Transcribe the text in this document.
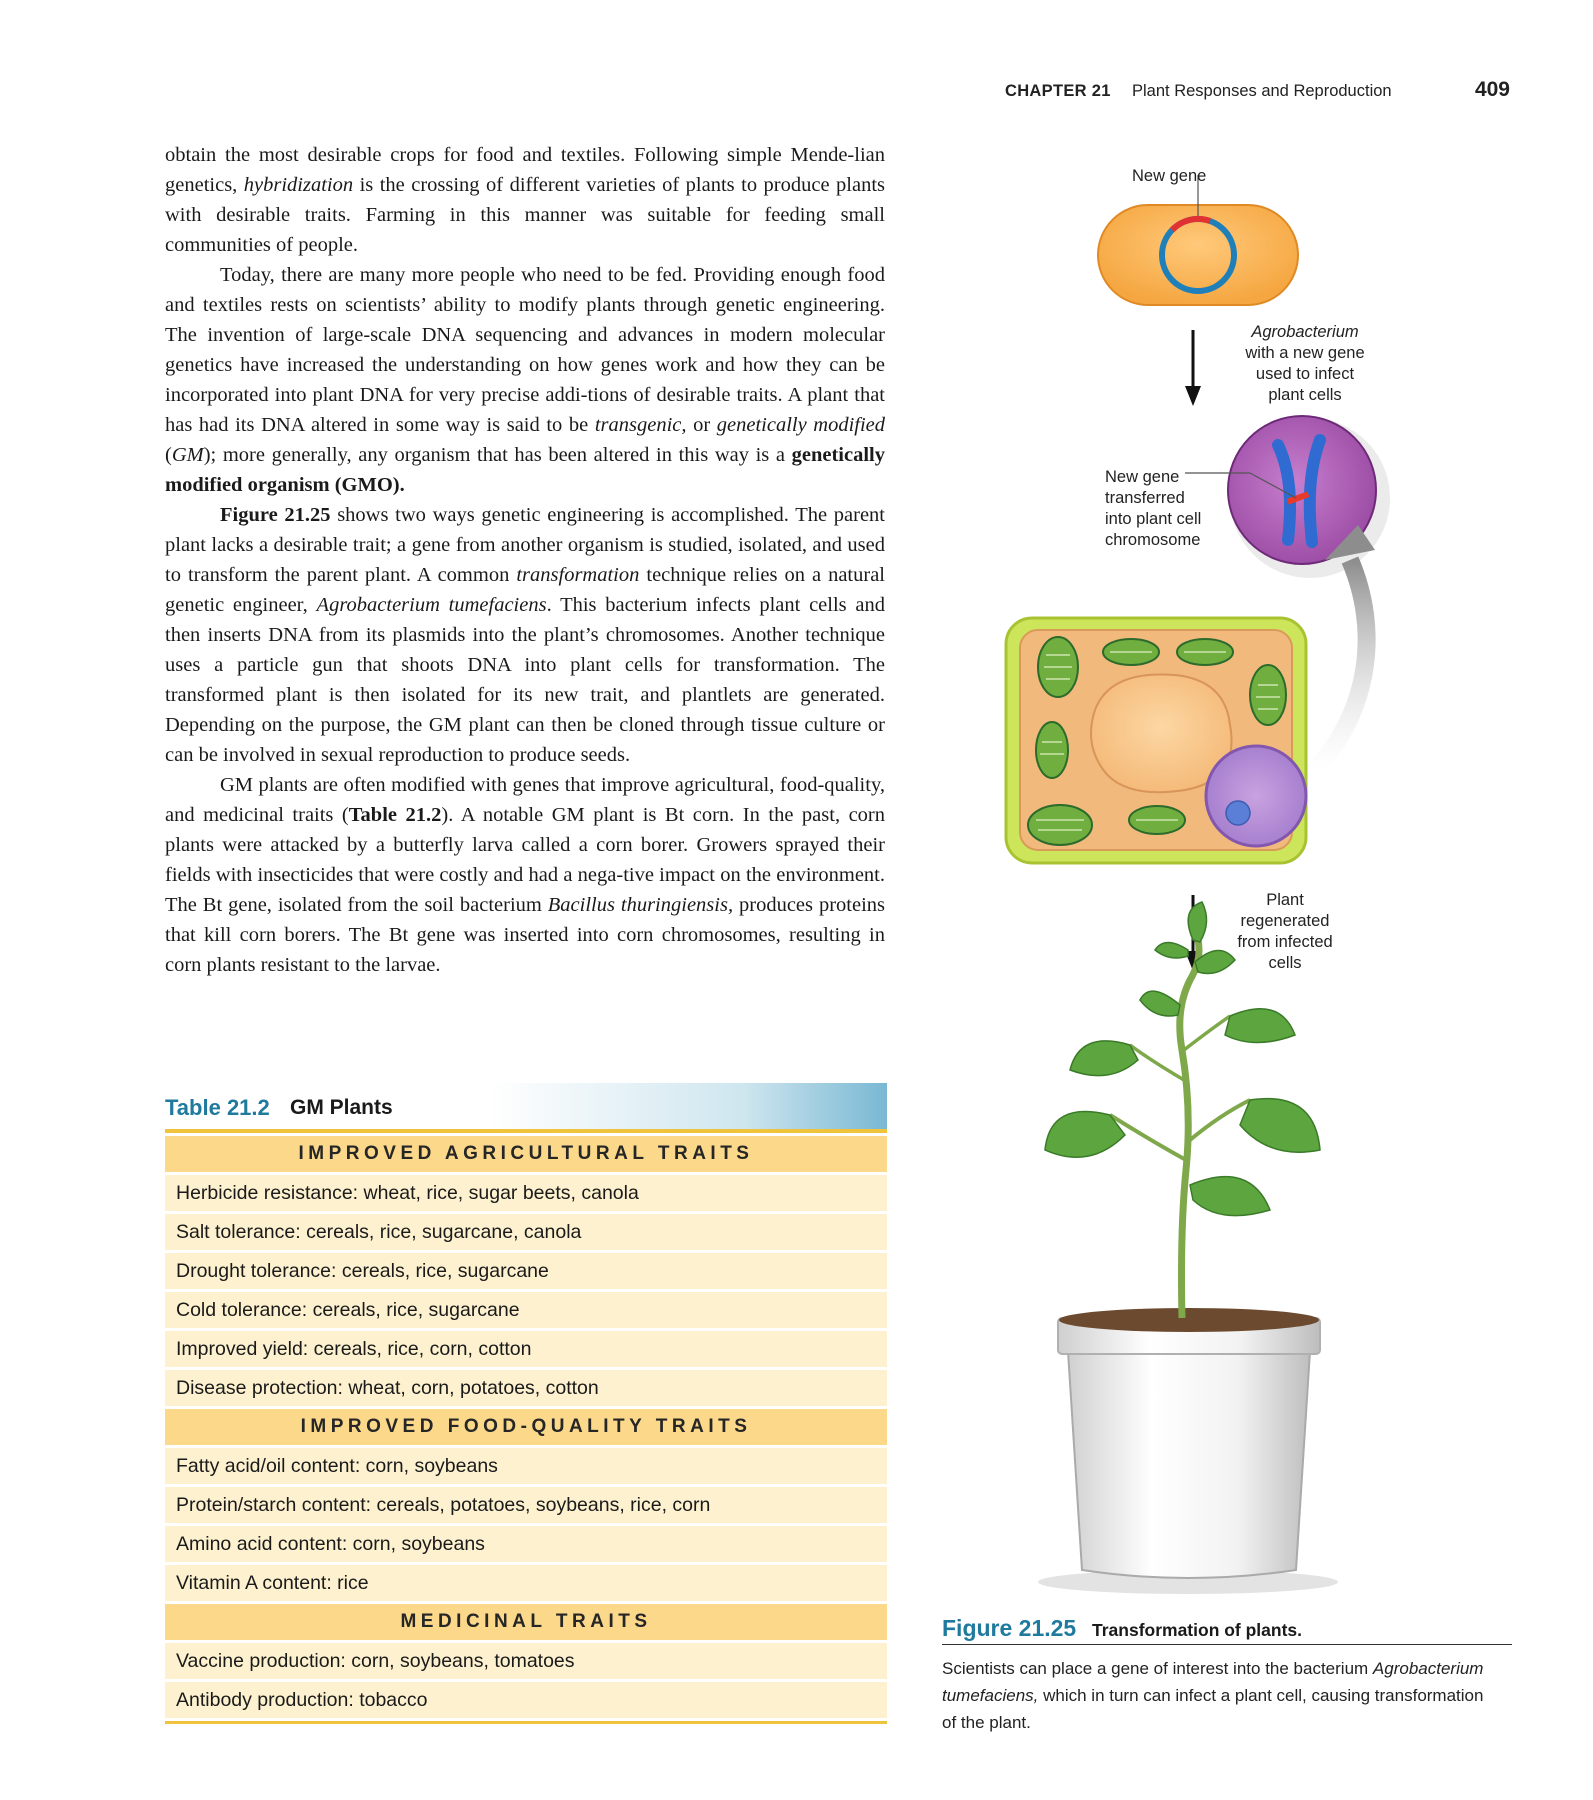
CHAPTER 21 Plant Responses and Reproduction	409

obtain the most desirable crops for food and textiles. Following simple Mende-lian genetics, hybridization is the crossing of different varieties of plants to produce plants with desirable traits. Farming in this manner was suitable for feeding small communities of people.

Today, there are many more people who need to be fed. Providing enough food and textiles rests on scientists’ ability to modify plants through genetic engineering. The invention of large-scale DNA sequencing and advances in modern molecular genetics have increased the understanding on how genes work and how they can be incorporated into plant DNA for very precise addi-tions of desirable traits. A plant that has had its DNA altered in some way is said to be transgenic, or genetically modified (GM); more generally, any organism that has been altered in this way is a genetically modified organism (GMO).

Figure 21.25 shows two ways genetic engineering is accomplished. The parent plant lacks a desirable trait; a gene from another organism is studied, isolated, and used to transform the parent plant. A common transformation technique relies on a natural genetic engineer, Agrobacterium tumefaciens. This bacterium infects plant cells and then inserts DNA from its plasmids into the plant’s chromosomes. Another technique uses a particle gun that shoots DNA into plant cells for transformation. The transformed plant is then isolated for its new trait, and plantlets are generated. Depending on the purpose, the GM plant can then be cloned through tissue culture or can be involved in sexual reproduction to produce seeds.

GM plants are often modified with genes that improve agricultural, food-quality, and medicinal traits (Table 21.2). A notable GM plant is Bt corn. In the past, corn plants were attacked by a butterfly larva called a corn borer. Growers sprayed their fields with insecticides that were costly and had a nega-tive impact on the environment. The Bt gene, isolated from the soil bacterium Bacillus thuringiensis, produces proteins that kill corn borers. The Bt gene was inserted into corn chromosomes, resulting in corn plants resistant to the larvae.

Table 21.2 GM Plants
IMPROVED AGRICULTURAL TRAITS
Herbicide resistance: wheat, rice, sugar beets, canola
Salt tolerance: cereals, rice, sugarcane, canola
Drought tolerance: cereals, rice, sugarcane
Cold tolerance: cereals, rice, sugarcane
Improved yield: cereals, rice, corn, cotton
Disease protection: wheat, corn, potatoes, cotton
IMPROVED FOOD-QUALITY TRAITS
Fatty acid/oil content: corn, soybeans
Protein/starch content: cereals, potatoes, soybeans, rice, corn
Amino acid content: corn, soybeans
Vitamin A content: rice
MEDICINAL TRAITS
Vaccine production: corn, soybeans, tomatoes
Antibody production: tobacco
New gene
Agrobacterium
with a new gene
used to infect
plant cells
New gene
transferred
into plant cell
chromosome
Plant
regenerated
from infected
cells
Figure 21.25 Transformation of plants.
Scientists can place a gene of interest into the bacterium Agrobacterium tumefaciens, which in turn can infect a plant cell, causing transformation of the plant.
